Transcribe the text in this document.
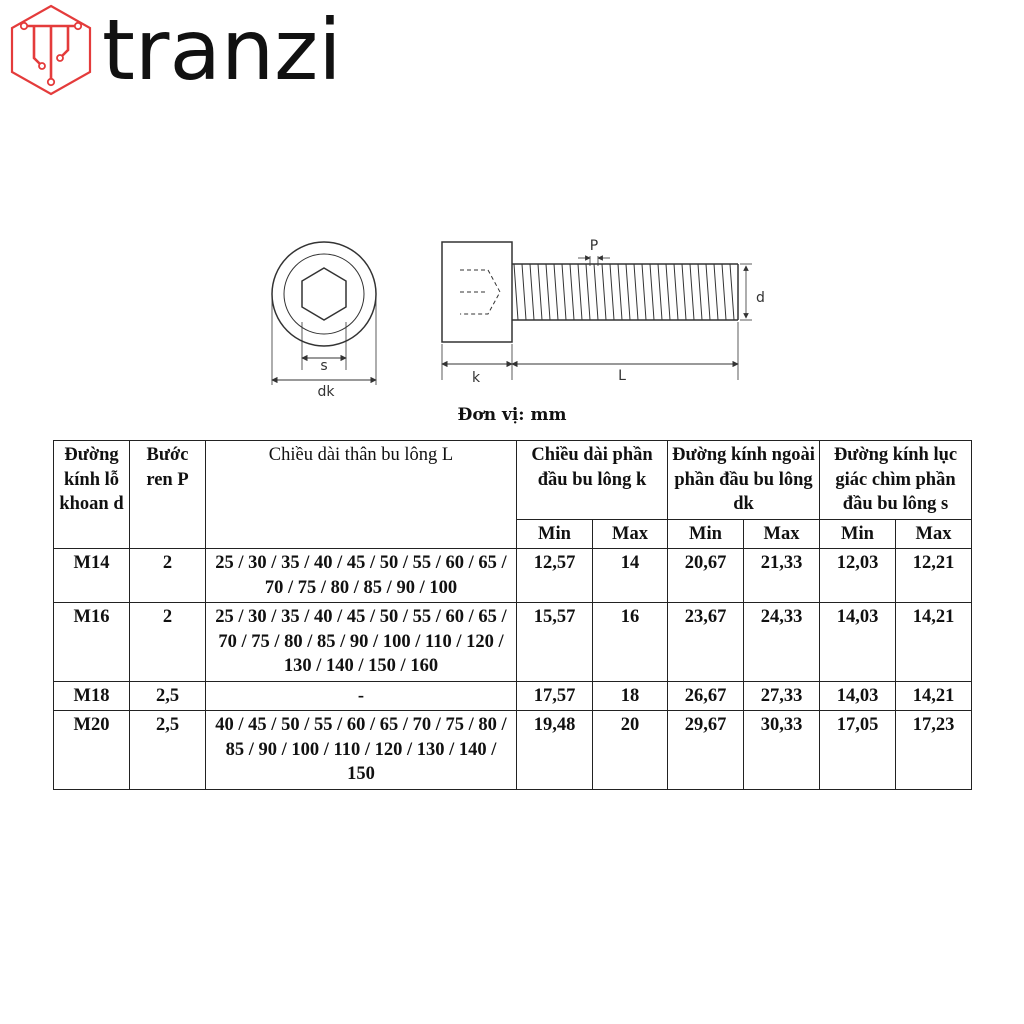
tranzi
s
dk
P
d
k	L
Đơn vị: mm
Đường kính lỗ khoan d	Bước ren P	Chiều dài thân bu lông L	Chiều dài phần đầu bu lông k		Đường kính ngoài phần đầu bu lông dk		Đường kính lục giác chìm phần đầu bu lông s	
			Min	Max	Min	Max	Min	Max
M14	2	25 / 30 / 35 / 40 / 45 / 50 / 55 / 60 / 65 / 70 / 75 / 80 / 85 / 90 / 100	12,57	14	20,67	21,33	12,03	12,21
M16	2	25 / 30 / 35 / 40 / 45 / 50 / 55 / 60 / 65 / 70 / 75 / 80 / 85 / 90 / 100 / 110 / 120 / 130 / 140 / 150 / 160	15,57	16	23,67	24,33	14,03	14,21
M18	2,5	-	17,57	18	26,67	27,33	14,03	14,21
M20	2,5	40 / 45 / 50 / 55 / 60 / 65 / 70 / 75 / 80 / 85 / 90 / 100 / 110 / 120 / 130 / 140 / 150	19,48	20	29,67	30,33	17,05	17,23
